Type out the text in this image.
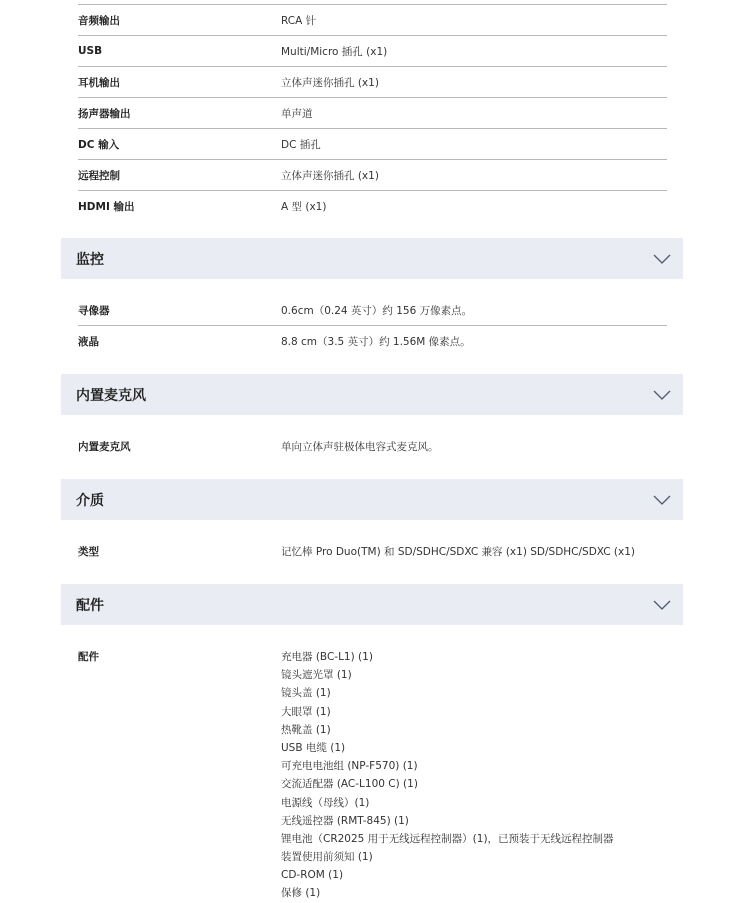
音频输出	RCA 针
USB	Multi/Micro 插孔 (x1)
耳机输出	立体声迷你插孔 (x1)
扬声器输出	单声道
DC 输入	DC 插孔
远程控制	立体声迷你插孔 (x1)
HDMI 输出	A 型 (x1)
监控
寻像器	0.6cm（0.24 英寸）约 156 万像素点。
液晶	8.8 cm（3.5 英寸）约 1.56M 像素点。
内置麦克风
内置麦克风	单向立体声驻极体电容式麦克风。
介质
类型	记忆棒 Pro Duo(TM) 和 SD/SDHC/SDXC 兼容 (x1) SD/SDHC/SDXC (x1)
配件
配件	充电器 (BC-L1) (1)
镜头遮光罩 (1)
镜头盖 (1)
大眼罩 (1)
热靴盖 (1)
USB 电缆 (1)
可充电电池组 (NP-F570) (1)
交流适配器 (AC-L100 C) (1)
电源线（母线）(1)
无线遥控器 (RMT-845) (1)
锂电池（CR2025 用于无线远程控制器）(1)，已预装于无线远程控制器
装置使用前须知 (1)
CD-ROM (1)
保修 (1)
